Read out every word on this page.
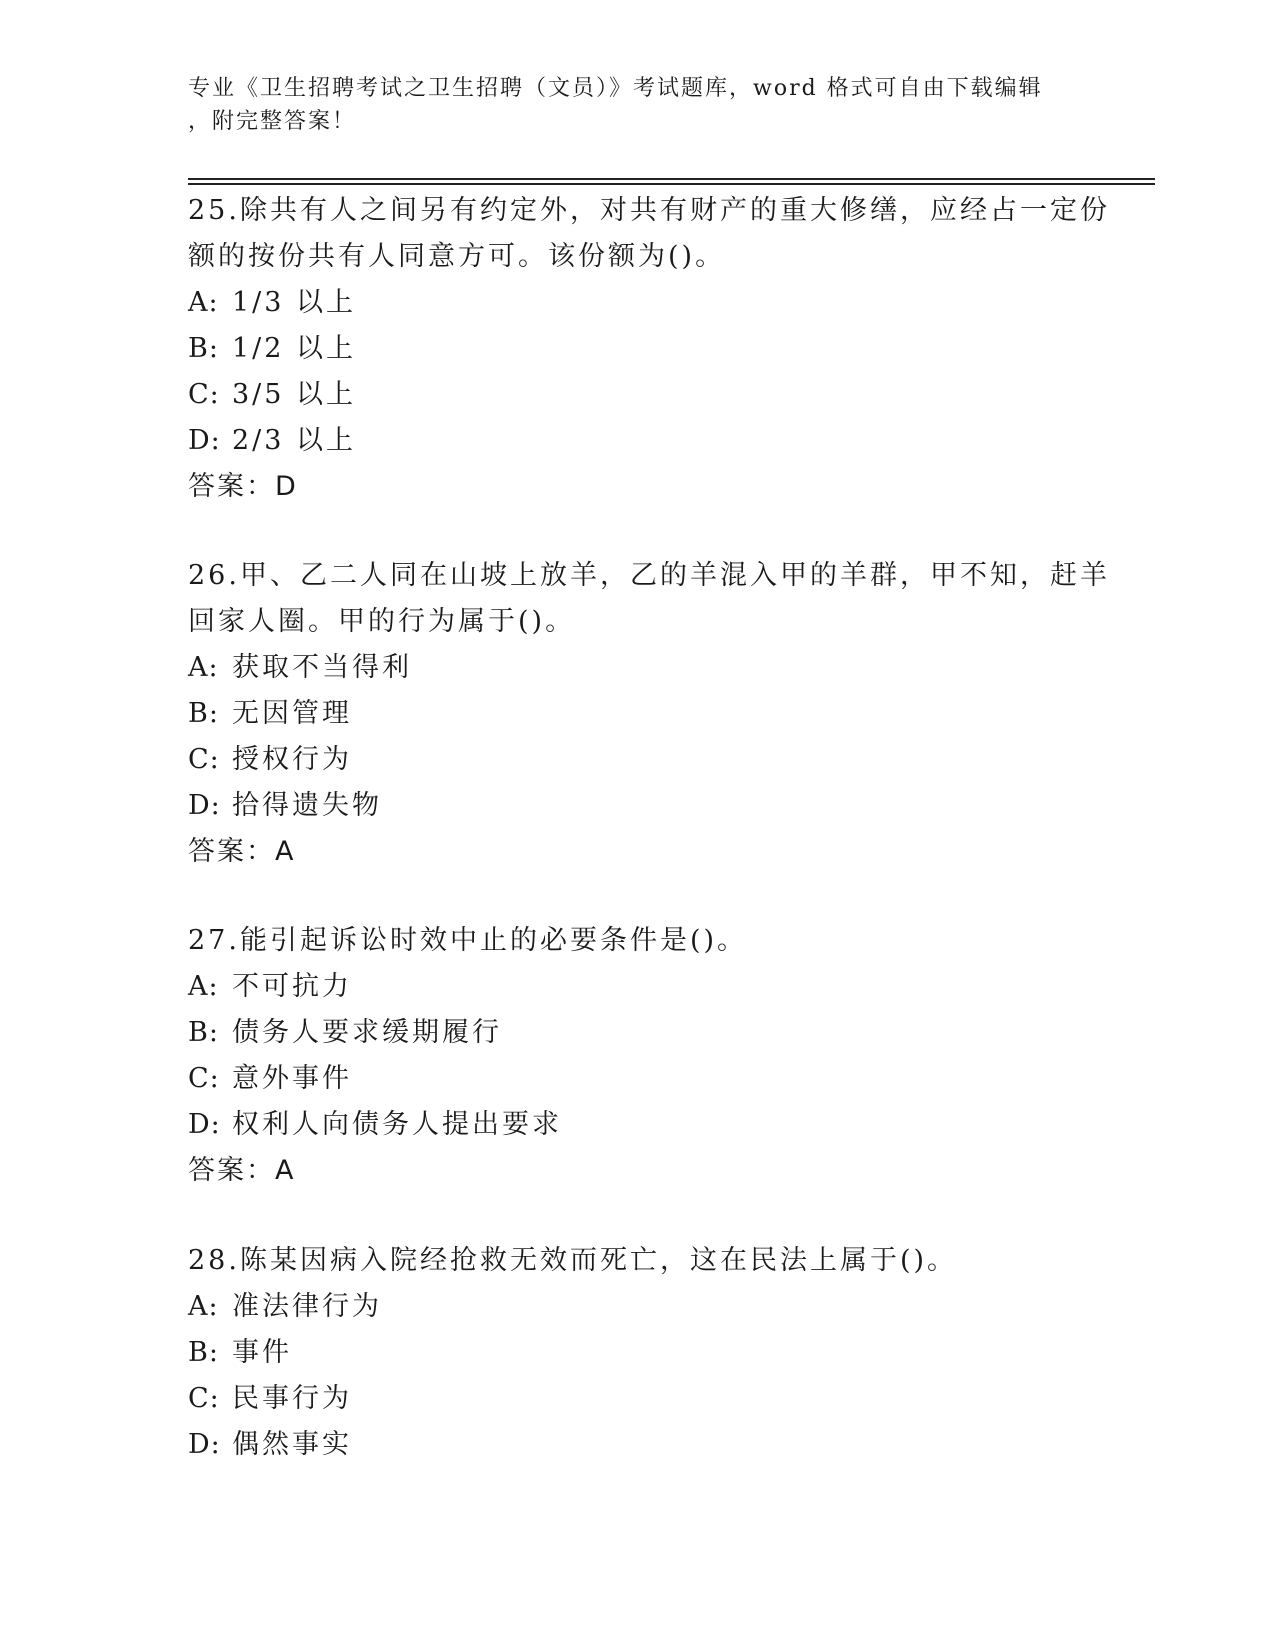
专业《卫生招聘考试之卫生招聘（文员）》考试题库，word 格式可自由下载编辑
，附完整答案！

25.除共有人之间另有约定外，对共有财产的重大修缮，应经占一定份
额的按份共有人同意方可。该份额为()。

A: 1/3 以上
B: 1/2 以上
C: 3/5 以上
D: 2/3 以上
答案：D

26.甲、乙二人同在山坡上放羊，乙的羊混入甲的羊群，甲不知，赶羊
回家人圈。甲的行为属于()。

A: 获取不当得利
B: 无因管理
C: 授权行为
D: 拾得遗失物
答案：A

27.能引起诉讼时效中止的必要条件是()。

A: 不可抗力
B: 债务人要求缓期履行
C: 意外事件
D: 权利人向债务人提出要求
答案：A

28.陈某因病入院经抢救无效而死亡，这在民法上属于()。

A: 准法律行为
B: 事件
C: 民事行为
D: 偶然事实
